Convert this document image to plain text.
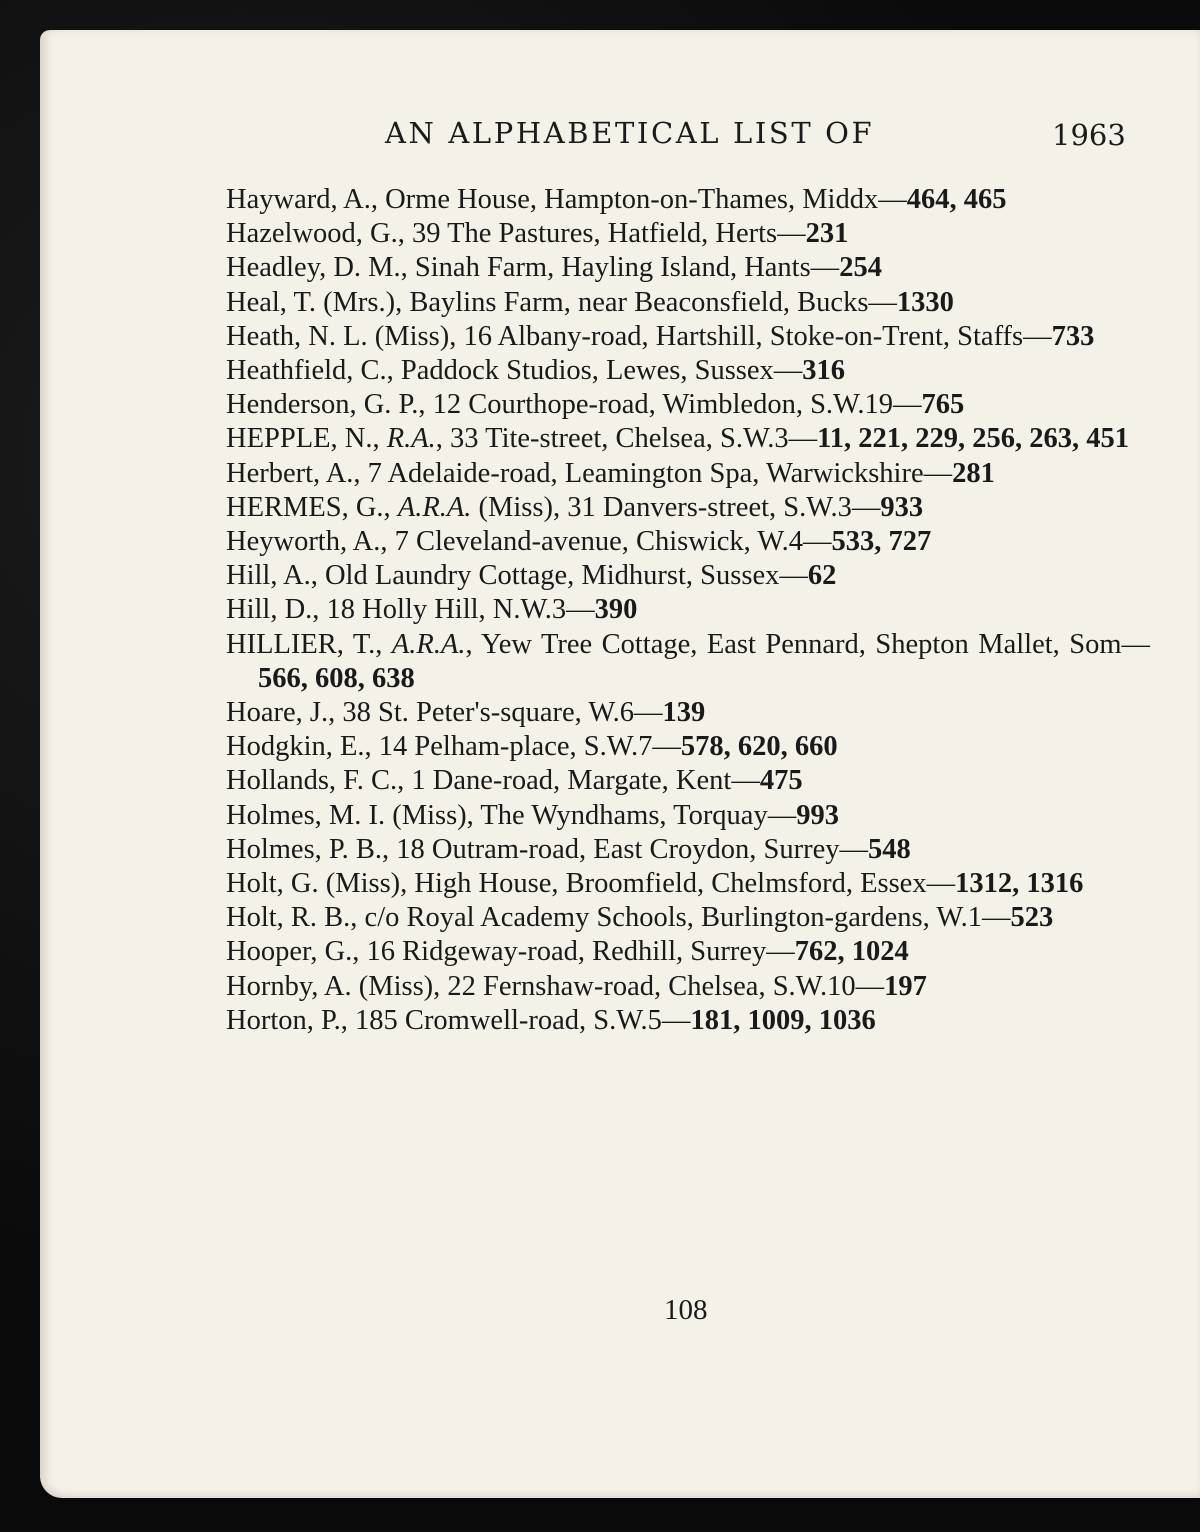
AN ALPHABETICAL LIST OF	1963
Hayward, A., Orme House, Hampton-on-Thames, Middx—464, 465
Hazelwood, G., 39 The Pastures, Hatfield, Herts—231
Headley, D. M., Sinah Farm, Hayling Island, Hants—254
Heal, T. (Mrs.), Baylins Farm, near Beaconsfield, Bucks—1330
Heath, N. L. (Miss), 16 Albany-road, Hartshill, Stoke-on-Trent, Staffs—733
Heathfield, C., Paddock Studios, Lewes, Sussex—316
Henderson, G. P., 12 Courthope-road, Wimbledon, S.W.19—765
HEPPLE, N., R.A., 33 Tite-street, Chelsea, S.W.3—11, 221, 229, 256, 263, 451
Herbert, A., 7 Adelaide-road, Leamington Spa, Warwickshire—281
HERMES, G., A.R.A. (Miss), 31 Danvers-street, S.W.3—933
Heyworth, A., 7 Cleveland-avenue, Chiswick, W.4—533, 727
Hill, A., Old Laundry Cottage, Midhurst, Sussex—62
Hill, D., 18 Holly Hill, N.W.3—390
HILLIER, T., A.R.A., Yew Tree Cottage, East Pennard, Shepton Mallet, Som—566, 608, 638
Hoare, J., 38 St. Peter's-square, W.6—139
Hodgkin, E., 14 Pelham-place, S.W.7—578, 620, 660
Hollands, F. C., 1 Dane-road, Margate, Kent—475
Holmes, M. I. (Miss), The Wyndhams, Torquay—993
Holmes, P. B., 18 Outram-road, East Croydon, Surrey—548
Holt, G. (Miss), High House, Broomfield, Chelmsford, Essex—1312, 1316
Holt, R. B., c/o Royal Academy Schools, Burlington-gardens, W.1—523
Hooper, G., 16 Ridgeway-road, Redhill, Surrey—762, 1024
Hornby, A. (Miss), 22 Fernshaw-road, Chelsea, S.W.10—197
Horton, P., 185 Cromwell-road, S.W.5—181, 1009, 1036
108
